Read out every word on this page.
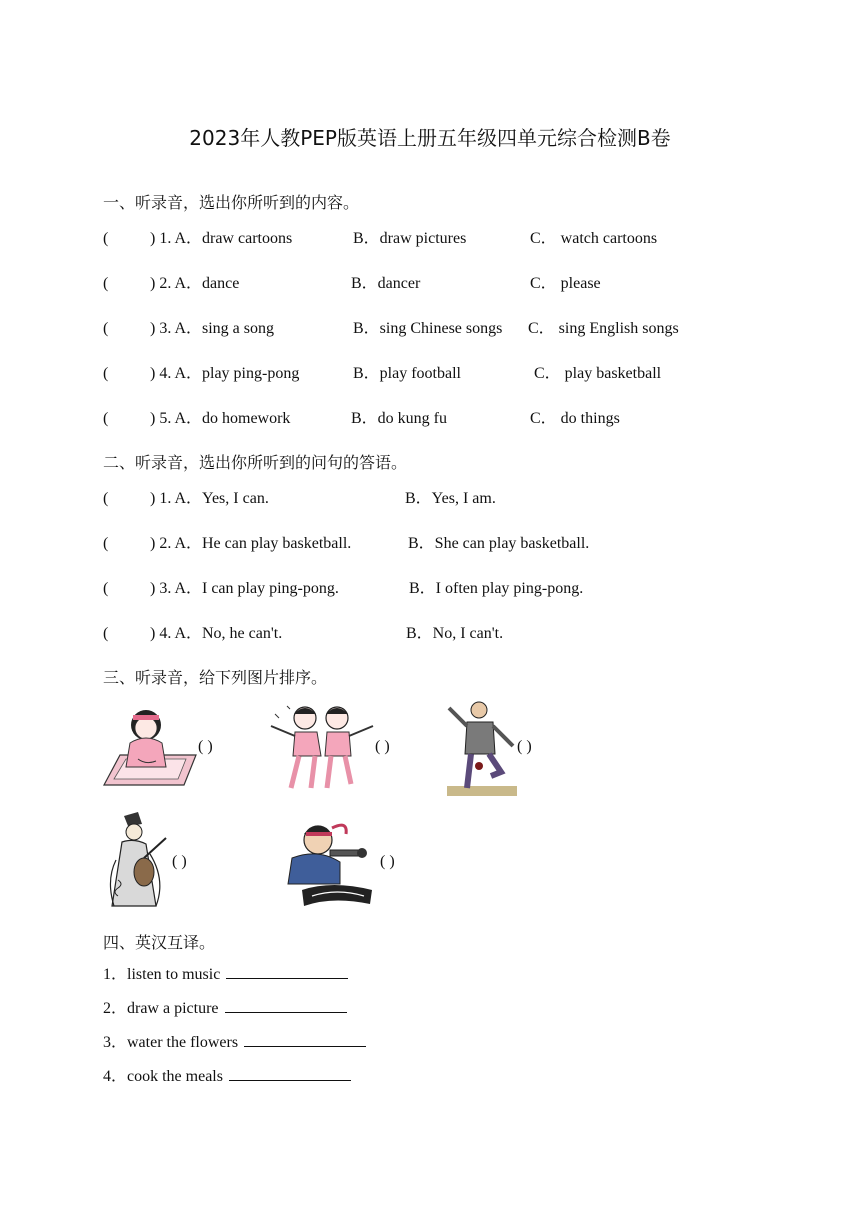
2023年人教PEP版英语上册五年级四单元综合检测B卷
一、听录音，选出你所听到的内容。
(	) 1. A．draw cartoons	B．draw pictures	C． watch cartoons
(	) 2. A．dance	B．dancer	C． please
(	) 3. A．sing a song	B．sing Chinese songs C． sing English songs
(	) 4. A．play ping-pong	B．play football	C． play basketball
(	) 5. A．do homework	B．do kung fu	C． do things
二、听录音，选出你所听到的问句的答语。
(	) 1. A．Yes, I can.	B．Yes, I am.
(	) 2. A．He can play basketball.	B．She can play basketball.
(	) 3. A．I can play ping-pong.	B．I often play ping-pong.
(	) 4. A．No, he can't.	B．No, I can't.
三、听录音，给下列图片排序。
( )	( )	( )
( )	( )
四、英汉互译。
1．listen to music
2．draw a picture
3．water the flowers
4．cook the meals
